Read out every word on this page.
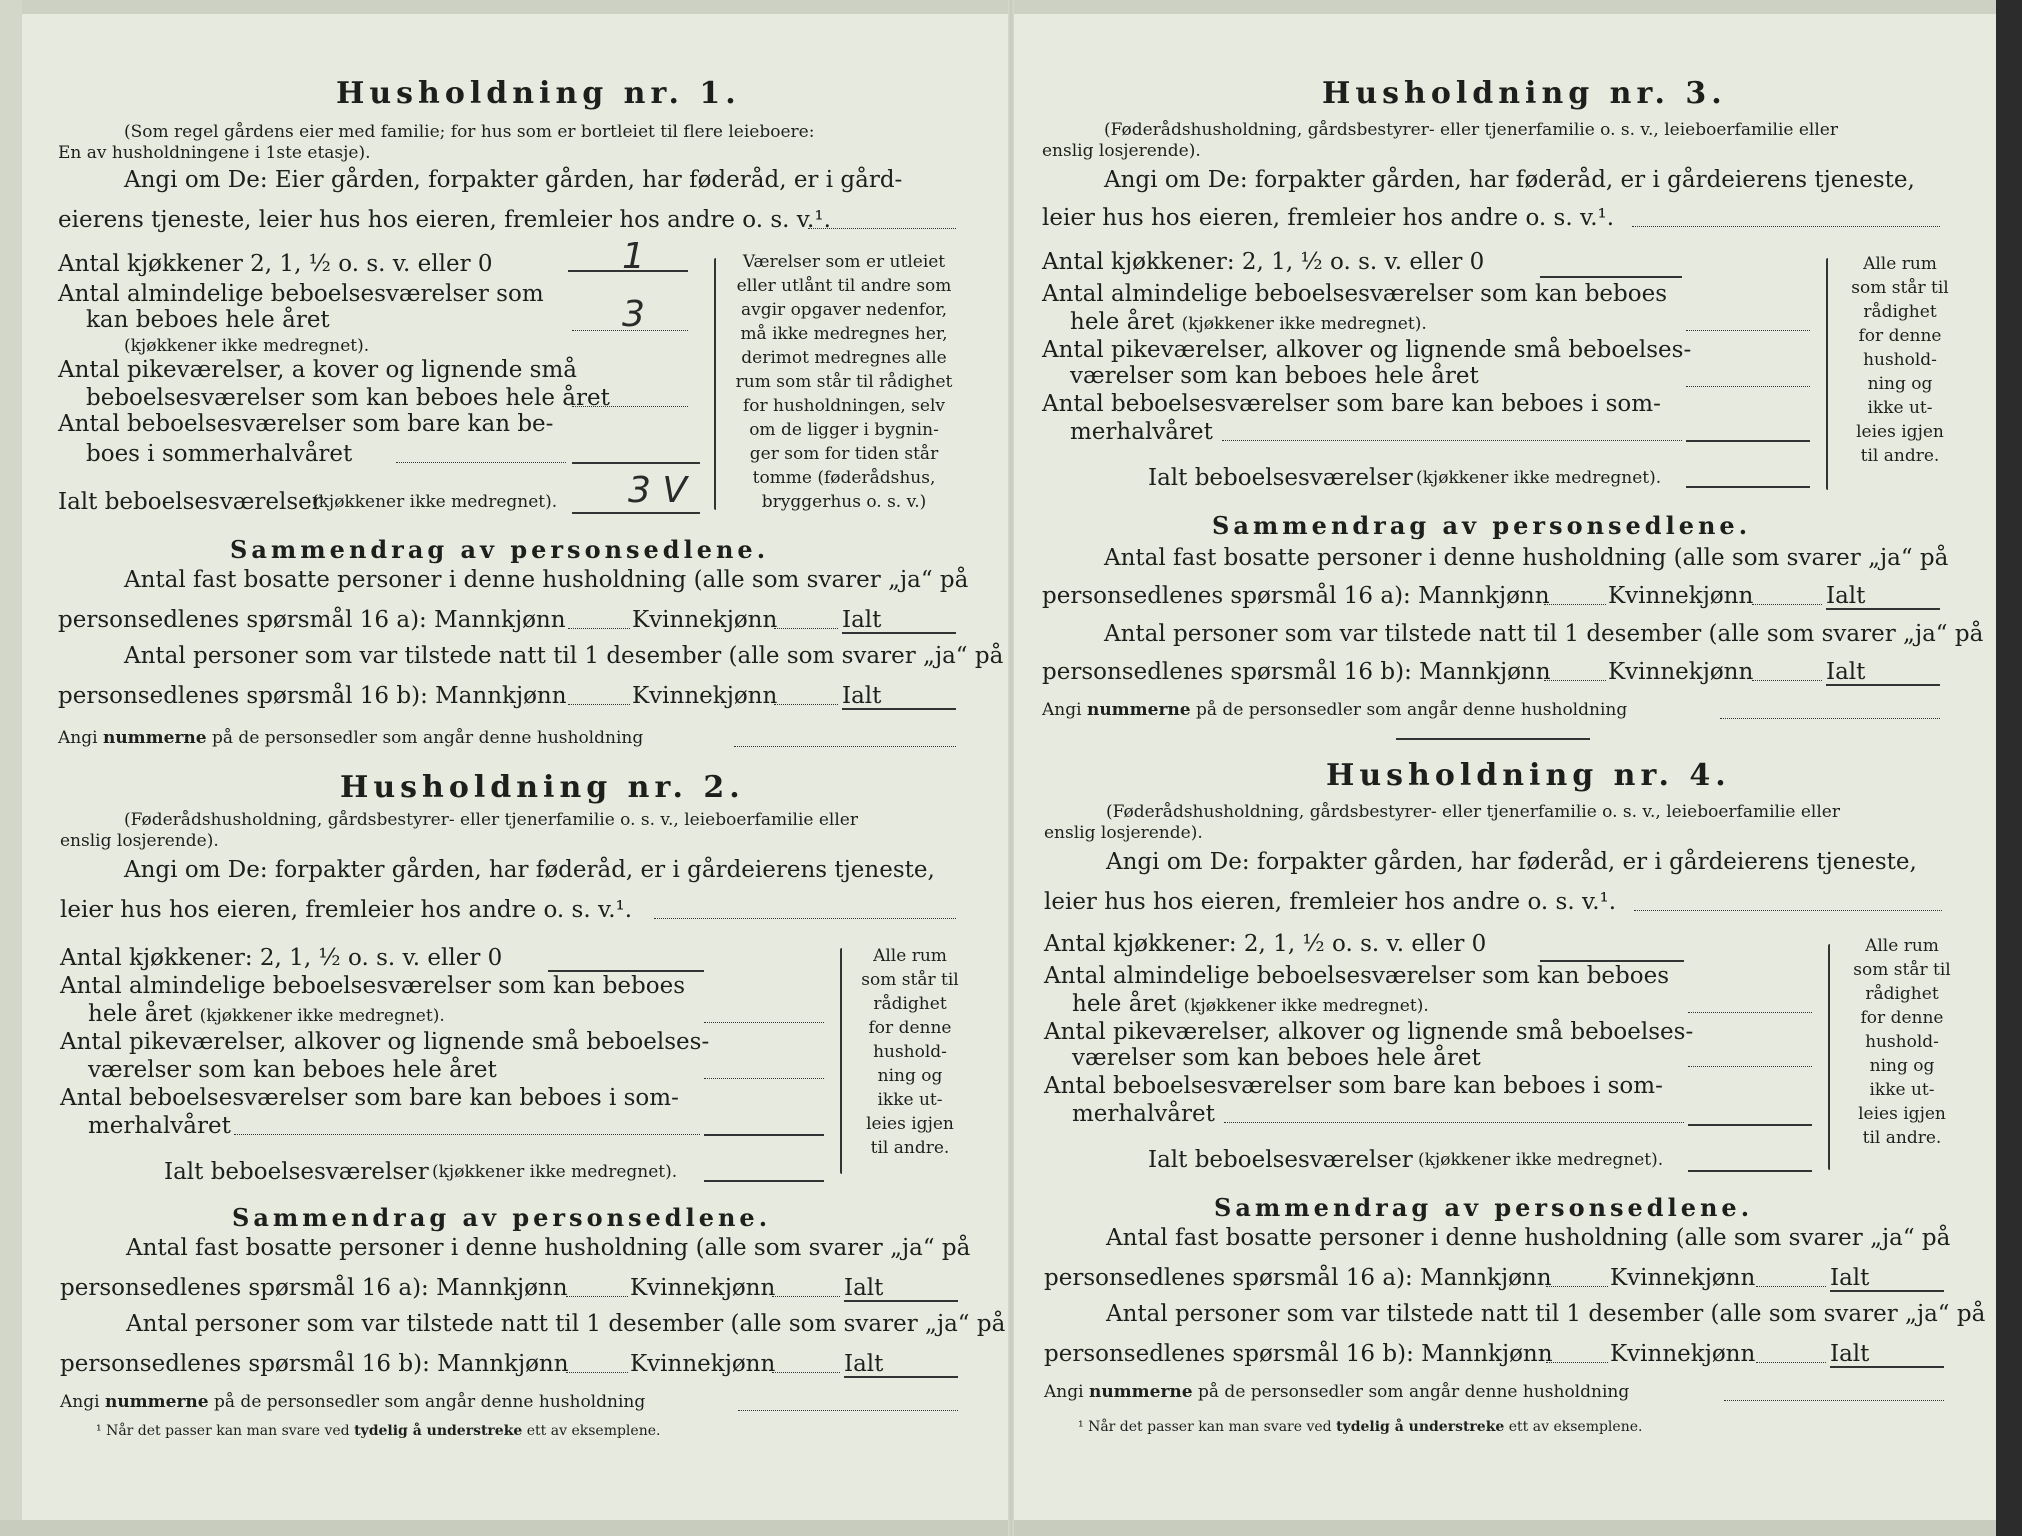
Husholdning nr. 1.
(Som regel gårdens eier med familie; for hus som er bortleiet til flere leieboere:
En av husholdningene i 1ste etasje).
Angi om De: Eier gården, forpakter gården, har føderåd, er i gård-
eierens tjeneste, leier hus hos eieren, fremleier hos andre o. s. v.¹.
Antal kjøkkener 2, 1, ½ o. s. v. eller 0	1
Antal almindelige beboelsesværelser som
kan beboes hele året
(kjøkkener ikke medregnet).
3
Antal pikeværelser, a kover og lignende små
beboelsesværelser som kan beboes hele året
Antal beboelsesværelser som bare kan be-
boes i sommerhalvåret
Ialt beboelsesværelser
(kjøkkener ikke medregnet). 3 V
Værelser som er utleiet
eller utlånt til andre som
avgir opgaver nedenfor,
må ikke medregnes her,
derimot medregnes alle
rum som står til rådighet
for husholdningen, selv
om de ligger i bygnin-
ger som for tiden står
tomme (føderådshus,
bryggerhus o. s. v.)
Sammendrag av personsedlene.
Antal fast bosatte personer i denne husholdning (alle som svarer „ja“ på
personsedlenes spørsmål 16 a): Mannkjønn	Kvinnekjønn	Ialt
Antal personer som var tilstede natt til 1 desember (alle som svarer „ja“ på
personsedlenes spørsmål 16 b): Mannkjønn	Kvinnekjønn	Ialt
Angi nummerne på de personsedler som angår denne husholdning
Husholdning nr. 2.
(Føderådshusholdning, gårdsbestyrer- eller tjenerfamilie o. s. v., leieboerfamilie eller
enslig losjerende).
Angi om De: forpakter gården, har føderåd, er i gårdeierens tjeneste,
leier hus hos eieren, fremleier hos andre o. s. v.¹.
Antal kjøkkener: 2, 1, ½ o. s. v. eller 0
Antal almindelige beboelsesværelser som kan beboes
hele året (kjøkkener ikke medregnet).
Antal pikeværelser, alkover og lignende små beboelses-
værelser som kan beboes hele året
Antal beboelsesværelser som bare kan beboes i som-
merhalvåret
Ialt beboelsesværelser (kjøkkener ikke medregnet).
Alle rum
som står til
rådighet
for denne
hushold-
ning og
ikke ut-
leies igjen
til andre.
Sammendrag av personsedlene.
Antal fast bosatte personer i denne husholdning (alle som svarer „ja“ på
personsedlenes spørsmål 16 a): Mannkjønn	Kvinnekjønn	Ialt
Antal personer som var tilstede natt til 1 desember (alle som svarer „ja“ på
personsedlenes spørsmål 16 b): Mannkjønn	Kvinnekjønn	Ialt
Angi nummerne på de personsedler som angår denne husholdning
¹ Når det passer kan man svare ved tydelig å understreke ett av eksemplene.
Husholdning nr. 3.
(Føderådshusholdning, gårdsbestyrer- eller tjenerfamilie o. s. v., leieboerfamilie eller
enslig losjerende).
Angi om De: forpakter gården, har føderåd, er i gårdeierens tjeneste,
leier hus hos eieren, fremleier hos andre o. s. v.¹.
Antal kjøkkener: 2, 1, ½ o. s. v. eller 0
Antal almindelige beboelsesværelser som kan beboes
hele året (kjøkkener ikke medregnet).
Antal pikeværelser, alkover og lignende små beboelses-
værelser som kan beboes hele året
Antal beboelsesværelser som bare kan beboes i som-
merhalvåret
Ialt beboelsesværelser (kjøkkener ikke medregnet).
Alle rum
som står til
rådighet
for denne
hushold-
ning og
ikke ut-
leies igjen
til andre.
Sammendrag av personsedlene.
Antal fast bosatte personer i denne husholdning (alle som svarer „ja“ på
personsedlenes spørsmål 16 a): Mannkjønn	Kvinnekjønn	Ialt
Antal personer som var tilstede natt til 1 desember (alle som svarer „ja“ på
personsedlenes spørsmål 16 b): Mannkjønn Kvinnekjønn	Ialt
Angi nummerne på de personsedler som angår denne husholdning
Husholdning nr. 4.
(Føderådshusholdning, gårdsbestyrer- eller tjenerfamilie o. s. v., leieboerfamilie eller
enslig losjerende).
Angi om De: forpakter gården, har føderåd, er i gårdeierens tjeneste,
leier hus hos eieren, fremleier hos andre o. s. v.¹.
Antal kjøkkener: 2, 1, ½ o. s. v. eller 0
Antal almindelige beboelsesværelser som kan beboes
hele året (kjøkkener ikke medregnet).
Antal pikeværelser, alkover og lignende små beboelses-
værelser som kan beboes hele året
Antal beboelsesværelser som bare kan beboes i som-
merhalvåret
Ialt beboelsesværelser (kjøkkener ikke medregnet).
Alle rum
som står til
rådighet
for denne
hushold-
ning og
ikke ut-
leies igjen
til andre.
Sammendrag av personsedlene.
Antal fast bosatte personer i denne husholdning (alle som svarer „ja“ på
personsedlenes spørsmål 16 a): Mannkjønn	Kvinnekjønn	Ialt
Antal personer som var tilstede natt til 1 desember (alle som svarer „ja“ på
personsedlenes spørsmål 16 b): Mannkjønn Kvinnekjønn	Ialt
Angi nummerne på de personsedler som angår denne husholdning
¹ Når det passer kan man svare ved tydelig å understreke ett av eksemplene.
